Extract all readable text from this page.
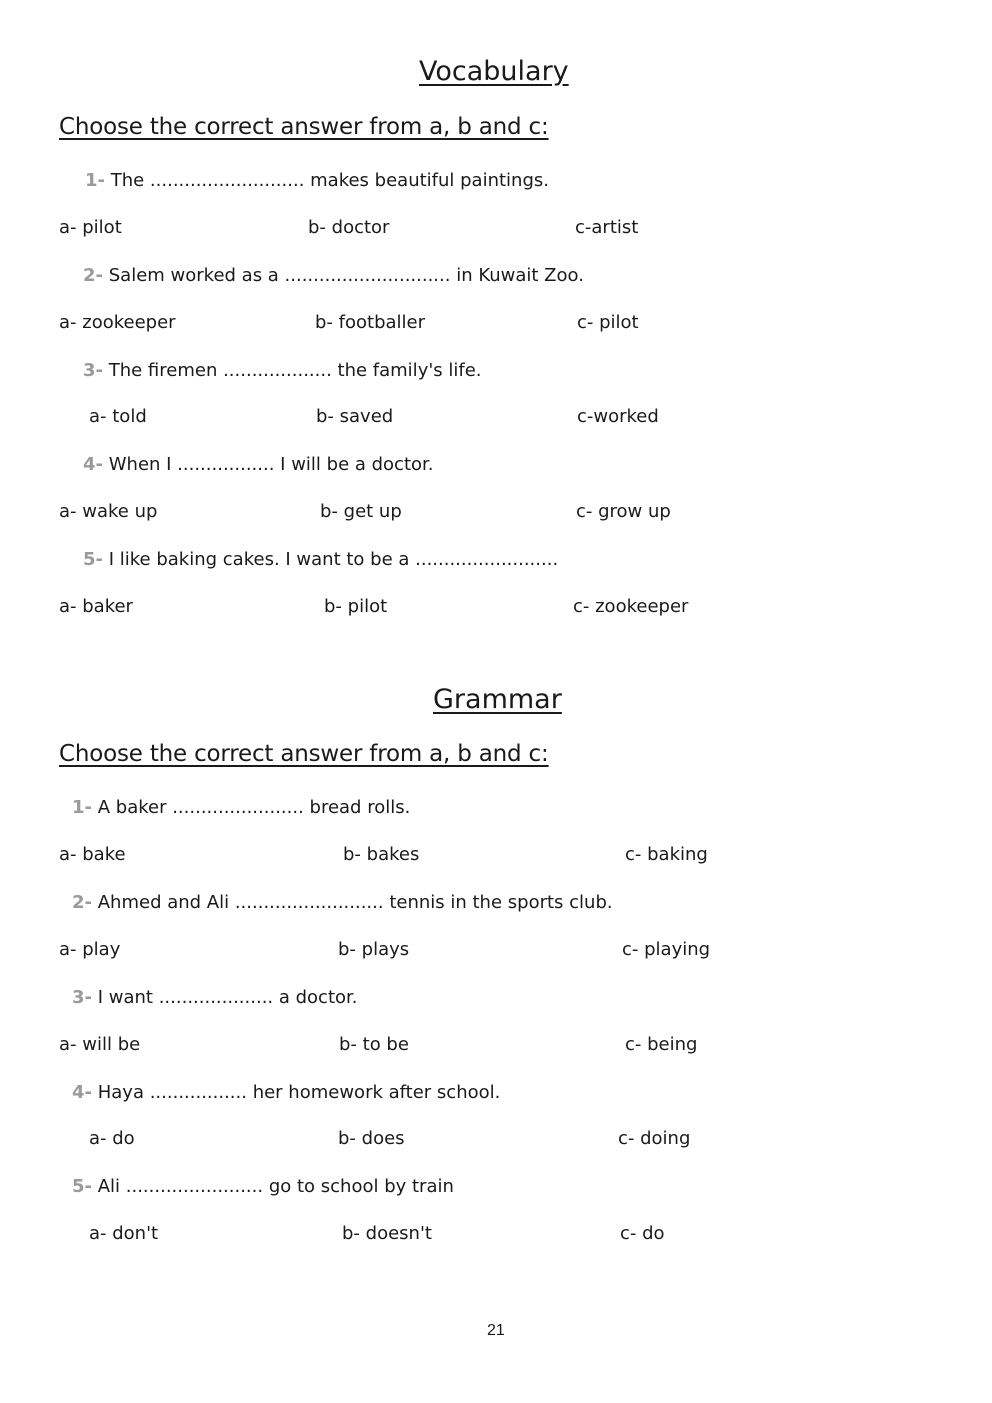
Vocabulary
Choose the correct answer from a, b and c:
1- The ........................... makes beautiful paintings.
a- pilot	b- doctor	c-artist
2- Salem worked as a ............................. in Kuwait Zoo.
a- zookeeper	b- footballer	c- pilot
3- The firemen ................... the family's life.
a- told	b- saved	c-worked
4- When I ................. I will be a doctor.
a- wake up	b- get up	c- grow up
5- I like baking cakes. I want to be a .........................
a- baker	b- pilot	c- zookeeper
Grammar
Choose the correct answer from a, b and c:
1- A baker ....................... bread rolls.
a- bake	b- bakes	c- baking
2- Ahmed and Ali .......................... tennis in the sports club.
a- play	b- plays	c- playing
3- I want .................... a doctor.
a- will be	b- to be	c- being
4- Haya ................. her homework after school.
a- do	b- does	c- doing
5- Ali ........................ go to school by train
a- don't	b- doesn't	c- do
21
